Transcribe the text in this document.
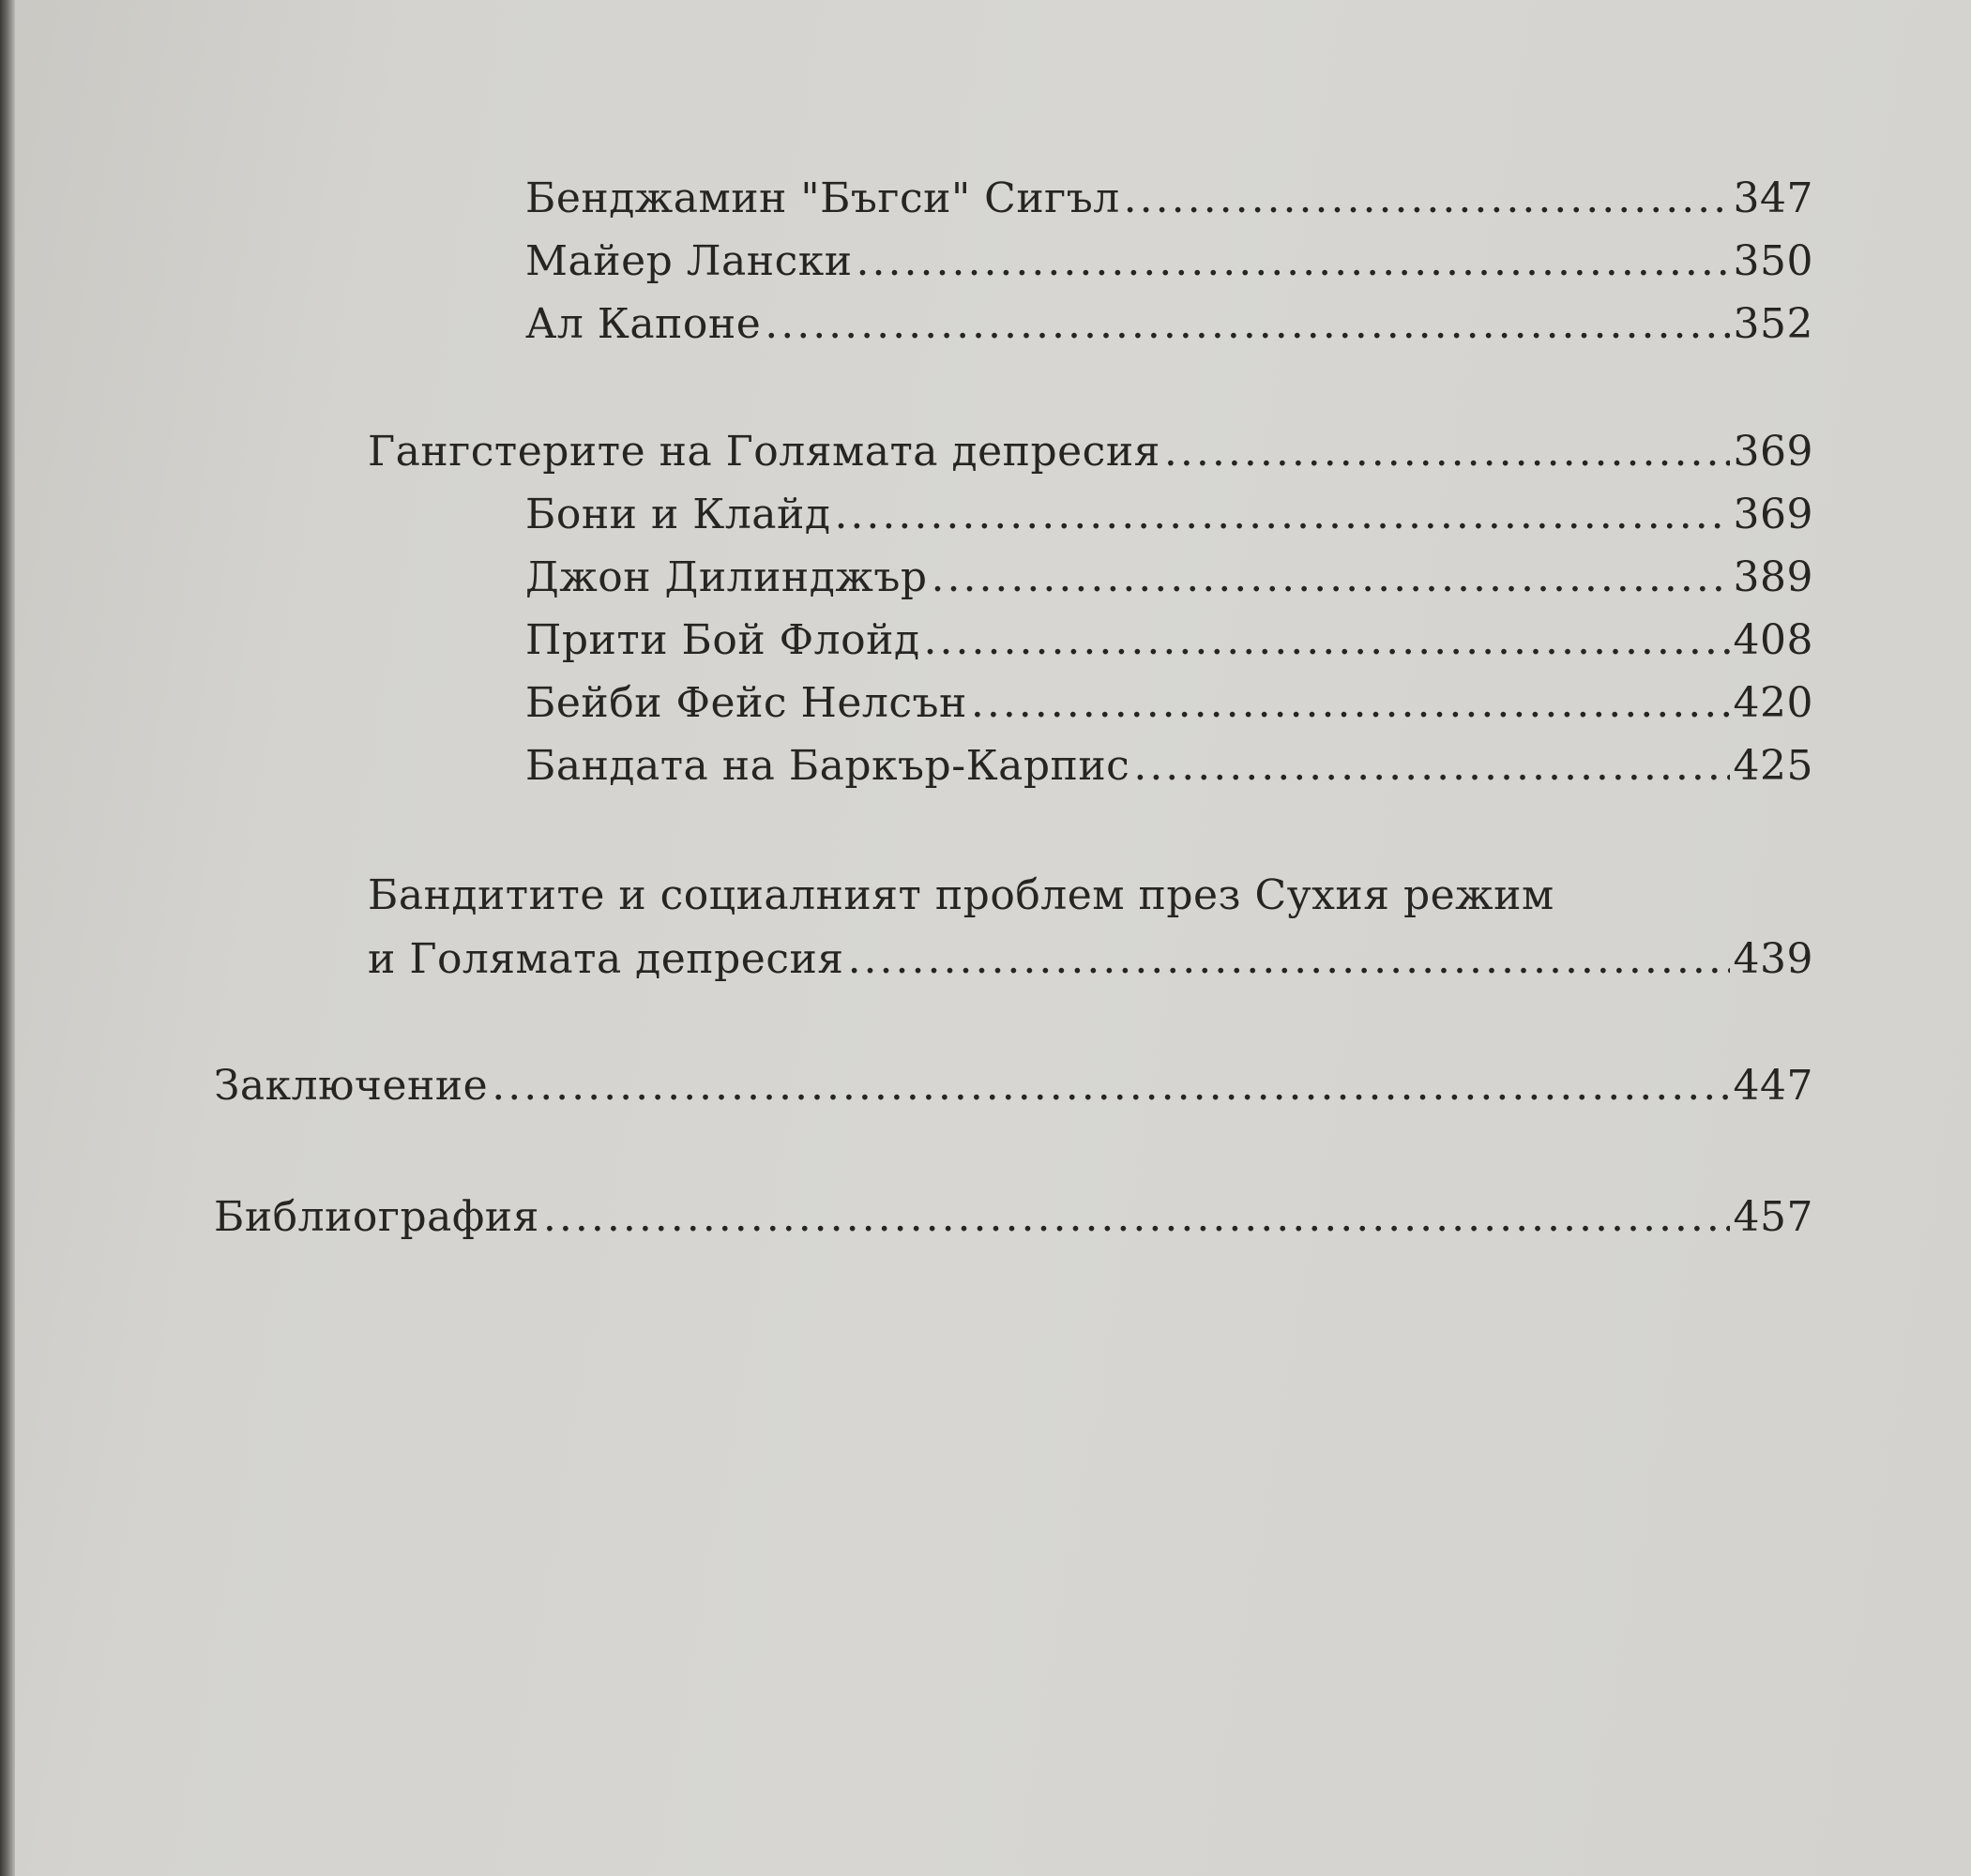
Бенджамин "Бъгси" Сигъл .....	347
Майер Лански .....	350
Ал Капоне .....	352
Гангстерите на Голямата депресия .....	369
Бони и Клайд .....	369
Джон Дилинджър .....	389
Прити Бой Флойд .....	408
Бейби Фейс Нелсън .....	420
Бандата на Баркър-Карпис .....	425
Бандитите и социалният проблем през Сухия режим
и Голямата депресия .....	439
Заключение .....	447
Библиография .....	457
